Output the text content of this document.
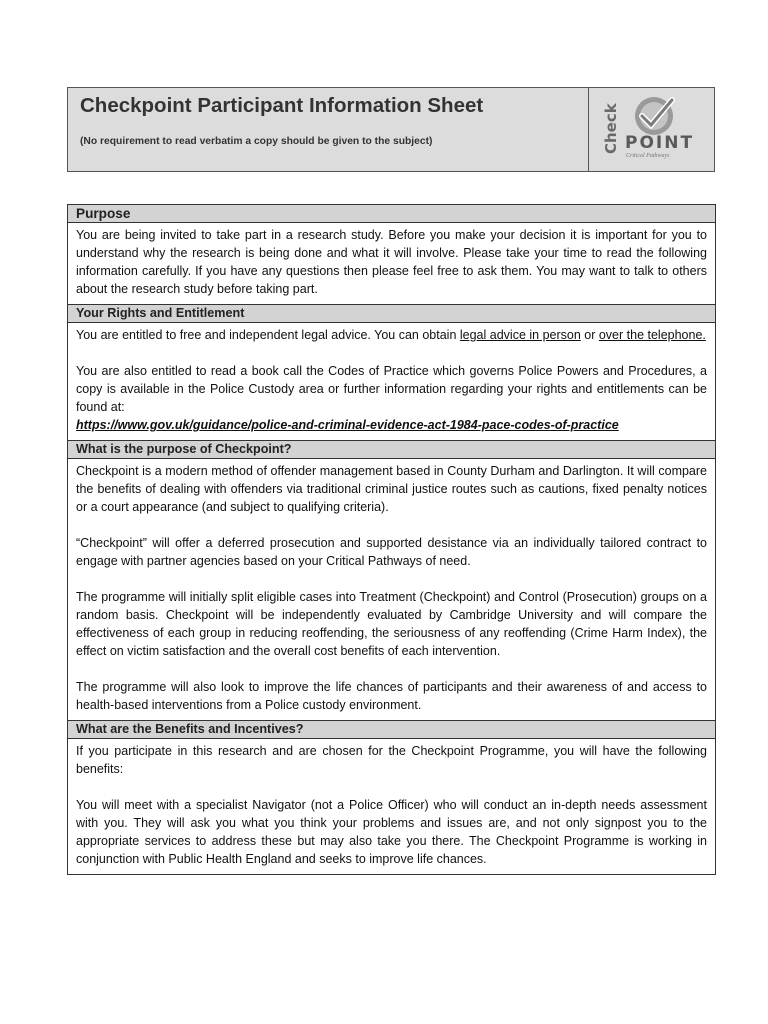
Checkpoint Participant Information Sheet
(No requirement to read verbatim a copy should be given to the subject)	Check POINT
Critical Pathways
Purpose

You are being invited to take part in a research study. Before you make your decision it is important for you to understand why the research is being done and what it will involve. Please take your time to read the following information carefully. If you have any questions then please feel free to ask them. You may want to talk to others about the research study before taking part.

Your Rights and Entitlement

You are entitled to free and independent legal advice. You can obtain legal advice in person or over the telephone.

You are also entitled to read a book call the Codes of Practice which governs Police Powers and Procedures, a copy is available in the Police Custody area or further information regarding your rights and entitlements can be found at:
https://www.gov.uk/guidance/police-and-criminal-evidence-act-1984-pace-codes-of-practice

What is the purpose of Checkpoint?

Checkpoint is a modern method of offender management based in County Durham and Darlington. It will compare the benefits of dealing with offenders via traditional criminal justice routes such as cautions, fixed penalty notices or a court appearance (and subject to qualifying criteria).

“Checkpoint” will offer a deferred prosecution and supported desistance via an individually tailored contract to engage with partner agencies based on your Critical Pathways of need.

The programme will initially split eligible cases into Treatment (Checkpoint) and Control (Prosecution) groups on a random basis. Checkpoint will be independently evaluated by Cambridge University and will compare the effectiveness of each group in reducing reoffending, the seriousness of any reoffending (Crime Harm Index), the effect on victim satisfaction and the overall cost benefits of each intervention.

The programme will also look to improve the life chances of participants and their awareness of and access to health-based interventions from a Police custody environment.

What are the Benefits and Incentives?

If you participate in this research and are chosen for the Checkpoint Programme, you will have the following benefits:

You will meet with a specialist Navigator (not a Police Officer) who will conduct an in-depth needs assessment with you. They will ask you what you think your problems and issues are, and not only signpost you to the appropriate services to address these but may also take you there. The Checkpoint Programme is working in conjunction with Public Health England and seeks to improve life chances.
